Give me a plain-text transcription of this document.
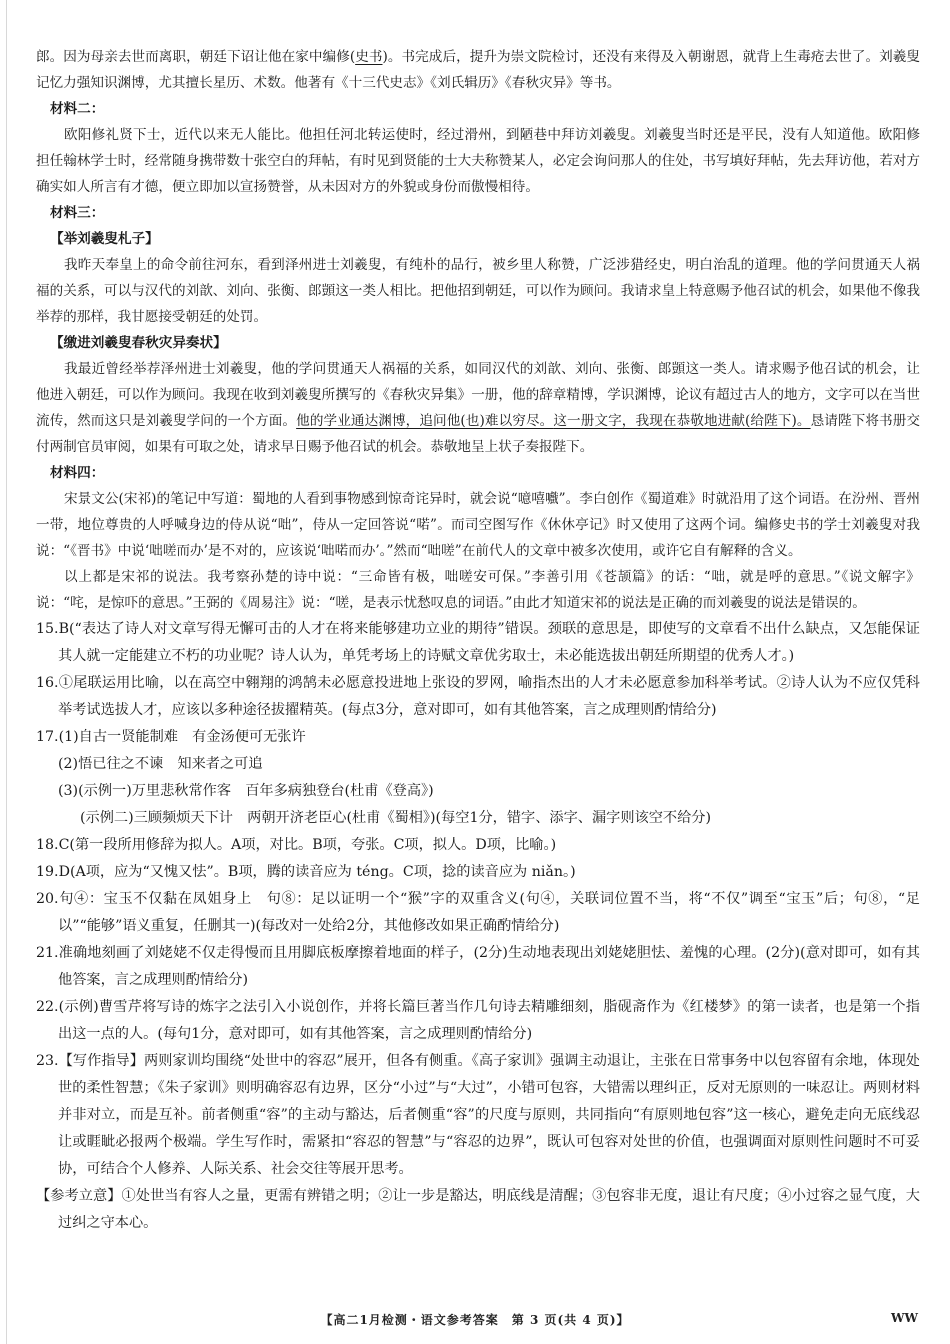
郎。因为母亲去世而离职，朝廷下诏让他在家中编修(史书)。书完成后，提升为崇文院检讨，还没有来得及入朝谢恩，就背上生毒疮去世了。刘羲叟记忆力强知识渊博，尤其擅长星历、术数。他著有《十三代史志》《刘氏辑历》《春秋灾异》等书。

材料二：

欧阳修礼贤下士，近代以来无人能比。他担任河北转运使时，经过滑州，到陋巷中拜访刘羲叟。刘羲叟当时还是平民，没有人知道他。欧阳修担任翰林学士时，经常随身携带数十张空白的拜帖，有时见到贤能的士大夫称赞某人，必定会询问那人的住处，书写填好拜帖，先去拜访他，若对方确实如人所言有才德，便立即加以宣扬赞誉，从未因对方的外貌或身份而傲慢相待。

材料三：

【举刘羲叟札子】

我昨天奉皇上的命令前往河东，看到泽州进士刘羲叟，有纯朴的品行，被乡里人称赞，广泛涉猎经史，明白治乱的道理。他的学问贯通天人祸福的关系，可以与汉代的刘歆、刘向、张衡、郎顗这一类人相比。把他招到朝廷，可以作为顾问。我请求皇上特意赐予他召试的机会，如果他不像我举荐的那样，我甘愿接受朝廷的处罚。

【缴进刘羲叟春秋灾异奏状】

我最近曾经举荐泽州进士刘羲叟，他的学问贯通天人祸福的关系，如同汉代的刘歆、刘向、张衡、郎顗这一类人。请求赐予他召试的机会，让他进入朝廷，可以作为顾问。我现在收到刘羲叟所撰写的《春秋灾异集》一册，他的辞章精博，学识渊博，论议有超过古人的地方，文字可以在当世流传，然而这只是刘羲叟学问的一个方面。他的学业通达渊博，追问他(也)难以穷尽。这一册文字，我现在恭敬地进献(给陛下)。恳请陛下将书册交付两制官员审阅，如果有可取之处，请求早日赐予他召试的机会。恭敬地呈上状子奏报陛下。

材料四：

宋景文公(宋祁)的笔记中写道：蜀地的人看到事物感到惊奇诧异时，就会说“噫嘻嚱”。李白创作《蜀道难》时就沿用了这个词语。在汾州、晋州一带，地位尊贵的人呼喊身边的侍从说“咄”，侍从一定回答说“喏”。而司空图写作《休休亭记》时又使用了这两个词。编修史书的学士刘羲叟对我说：“《晋书》中说‘咄嗟而办’是不对的，应该说‘咄喏而办’。”然而“咄嗟”在前代人的文章中被多次使用，或许它自有解释的含义。

以上都是宋祁的说法。我考察孙楚的诗中说：“三命皆有极，咄嗟安可保。”李善引用《苍颉篇》的话：“咄，就是呼的意思。”《说文解字》说：“咤，是惊吓的意思。”王弼的《周易注》说：“嗟，是表示忧愁叹息的词语。”由此才知道宋祁的说法是正确的而刘羲叟的说法是错误的。

15.B(“表达了诗人对文章写得无懈可击的人才在将来能够建功立业的期待”错误。颈联的意思是，即使写的文章看不出什么缺点，又怎能保证其人就一定能建立不朽的功业呢？诗人认为，单凭考场上的诗赋文章优劣取士，未必能选拔出朝廷所期望的优秀人才。)

16.①尾联运用比喻，以在高空中翱翔的鸿鹄未必愿意投进地上张设的罗网，喻指杰出的人才未必愿意参加科举考试。②诗人认为不应仅凭科举考试选拔人才，应该以多种途径拔擢精英。(每点3分，意对即可，如有其他答案，言之成理则酌情给分)

17.(1)自古一贤能制难　有金汤便可无张许

(2)悟已往之不谏　知来者之可追

(3)(示例一)万里悲秋常作客　百年多病独登台(杜甫《登高》)

(示例二)三顾频烦天下计　两朝开济老臣心(杜甫《蜀相》)(每空1分，错字、添字、漏字则该空不给分)

18.C(第一段所用修辞为拟人。A项，对比。B项，夸张。C项，拟人。D项，比喻。)

19.D(A项，应为“又愧又怯”。B项，腾的读音应为 téng。C项，捻的读音应为 niǎn。)

20.句④：宝玉不仅黏在凤姐身上　句⑧：足以证明一个“猴”字的双重含义(句④，关联词位置不当，将“不仅”调至“宝玉”后；句⑧，“足以”“能够”语义重复，任删其一)(每改对一处给2分，其他修改如果正确酌情给分)

21.准确地刻画了刘姥姥不仅走得慢而且用脚底板摩擦着地面的样子，(2分)生动地表现出刘姥姥胆怯、羞愧的心理。(2分)(意对即可，如有其他答案，言之成理则酌情给分)

22.(示例)曹雪芹将写诗的炼字之法引入小说创作，并将长篇巨著当作几句诗去精雕细刻，脂砚斋作为《红楼梦》的第一读者，也是第一个指出这一点的人。(每句1分，意对即可，如有其他答案，言之成理则酌情给分)

23.【写作指导】两则家训均围绕“处世中的容忍”展开，但各有侧重。《高子家训》强调主动退让，主张在日常事务中以包容留有余地，体现处世的柔性智慧；《朱子家训》则明确容忍有边界，区分“小过”与“大过”，小错可包容，大错需以理纠正，反对无原则的一味忍让。两则材料并非对立，而是互补。前者侧重“容”的主动与豁达，后者侧重“容”的尺度与原则，共同指向“有原则地包容”这一核心，避免走向无底线忍让或睚眦必报两个极端。学生写作时，需紧扣“容忍的智慧”与“容忍的边界”，既认可包容对处世的价值，也强调面对原则性问题时不可妥协，可结合个人修养、人际关系、社会交往等展开思考。

【参考立意】①处世当有容人之量，更需有辨错之明；②让一步是豁达，明底线是清醒；③包容非无度，退让有尺度；④小过容之显气度，大过纠之守本心。

【高二1月检测・语文参考答案　第 3 页(共 4 页)】	WW
